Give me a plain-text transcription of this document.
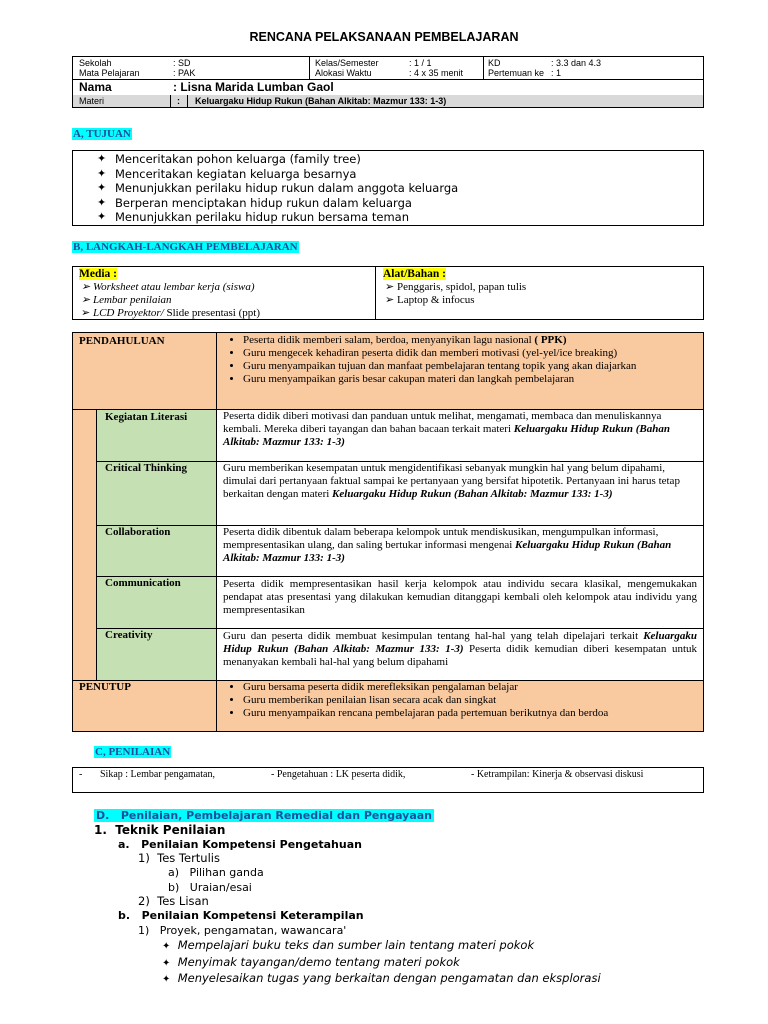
RENCANA PELAKSANAAN PEMBELAJARAN
Sekolah	: SD
Mata Pelajaran	: PAK
Kelas/Semester	: 1 / 1
Alokasi Waktu	: 4 x 35 menit
KD	: 3.3 dan 4.3
Pertemuan ke : 1
Nama	: Lisna Marida Lumban Gaol
Materi	: Keluargaku Hidup Rukun (Bahan Alkitab: Mazmur 133: 1-3)
A, TUJUAN
✦ Menceritakan pohon keluarga (family tree)
✦ Menceritakan kegiatan keluarga besarnya
✦ Menunjukkan perilaku hidup rukun dalam anggota keluarga
✦ Berperan menciptakan hidup rukun dalam keluarga
✦ Menunjukkan perilaku hidup rukun bersama teman
B, LANGKAH-LANGKAH PEMBELAJARAN
Media :
➢ Worksheet atau lembar kerja (siswa)
➢ Lembar penilaian
➢ LCD Proyektor/ Slide presentasi (ppt)
Alat/Bahan :
➢ Penggaris, spidol, papan tulis
➢ Laptop & infocus
PENDAHULUAN	• Peserta didik memberi salam, berdoa, menyanyikan lagu nasional ( PPK)
• Guru mengecek kehadiran peserta didik dan memberi motivasi (yel-yel/ice breaking)
• Guru menyampaikan tujuan dan manfaat pembelajaran tentang topik yang akan diajarkan
• Guru menyampaikan garis besar cakupan materi dan langkah pembelajaran
Kegiatan Literasi	Peserta didik diberi motivasi dan panduan untuk melihat, mengamati, membaca dan menuliskannya kembali. Mereka diberi tayangan dan bahan bacaan terkait materi Keluargaku Hidup Rukun (Bahan Alkitab: Mazmur 133: 1-3)
Critical Thinking	Guru memberikan kesempatan untuk mengidentifikasi sebanyak mungkin hal yang belum dipahami, dimulai dari pertanyaan faktual sampai ke pertanyaan yang bersifat hipotetik. Pertanyaan ini harus tetap berkaitan dengan materi Keluargaku Hidup Rukun (Bahan Alkitab: Mazmur 133: 1-3)
Collaboration	Peserta didik dibentuk dalam beberapa kelompok untuk mendiskusikan, mengumpulkan informasi, mempresentasikan ulang, dan saling bertukar informasi mengenai Keluargaku Hidup Rukun (Bahan Alkitab: Mazmur 133: 1-3)
Communication	Peserta didik mempresentasikan hasil kerja kelompok atau individu secara klasikal, mengemukakan pendapat atas presentasi yang dilakukan kemudian ditanggapi kembali oleh kelompok atau individu yang mempresentasikan
Creativity	Guru dan peserta didik membuat kesimpulan tentang hal-hal yang telah dipelajari terkait Keluargaku Hidup Rukun (Bahan Alkitab: Mazmur 133: 1-3) Peserta didik kemudian diberi kesempatan untuk menanyakan kembali hal-hal yang belum dipahami
PENUTUP	• Guru bersama peserta didik merefleksikan pengalaman belajar
• Guru memberikan penilaian lisan secara acak dan singkat
• Guru menyampaikan rencana pembelajaran pada pertemuan berikutnya dan berdoa
C, PENILAIAN
- Sikap : Lembar pengamatan,	- Pengetahuan : LK peserta didik,	- Ketrampilan: Kinerja & observasi diskusi
D. Penilaian, Pembelajaran Remedial dan Pengayaan
1. Teknik Penilaian
a. Penilaian Kompetensi Pengetahuan
1) Tes Tertulis
a) Pilihan ganda
b) Uraian/esai
2) Tes Lisan
b. Penilaian Kompetensi Keterampilan
1) Proyek, pengamatan, wawancara'
✦ Mempelajari buku teks dan sumber lain tentang materi pokok
✦ Menyimak tayangan/demo tentang materi pokok
✦ Menyelesaikan tugas yang berkaitan dengan pengamatan dan eksplorasi
